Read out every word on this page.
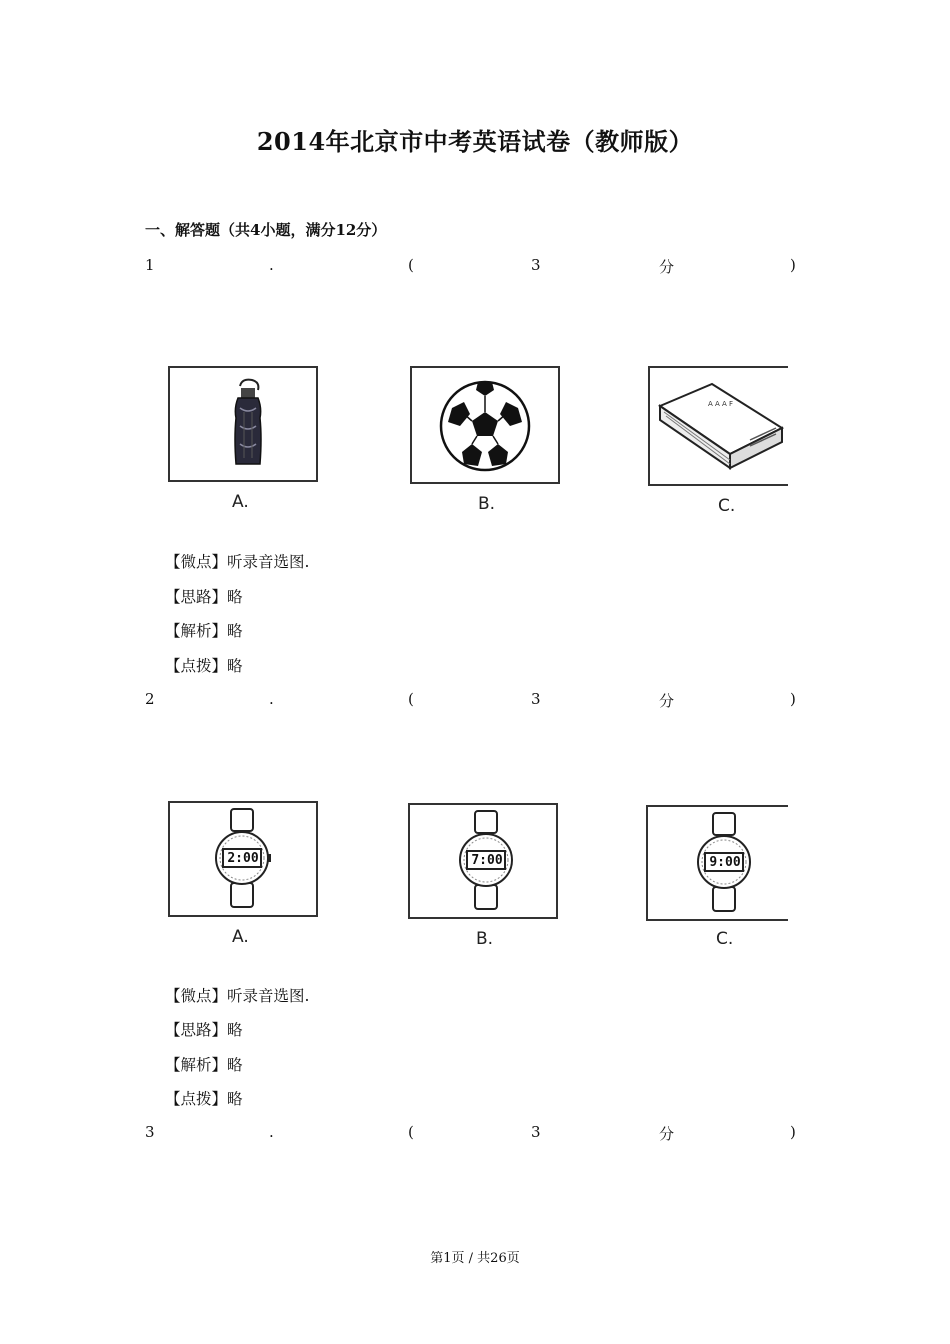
2014年北京市中考英语试卷（教师版）
一、解答题（共4小题，满分12分）
1	.	(	3	分	)
A.	B.
A A A F
C.
【微点】听录音选图.
【思路】略
【解析】略
【点拨】略
2	.	(	3	分	)
2:00
A.
7:00
B.
9:00
C.
【微点】听录音选图.
【思路】略
【解析】略
【点拨】略
3	.	(	3	分	)
第1页 / 共26页
